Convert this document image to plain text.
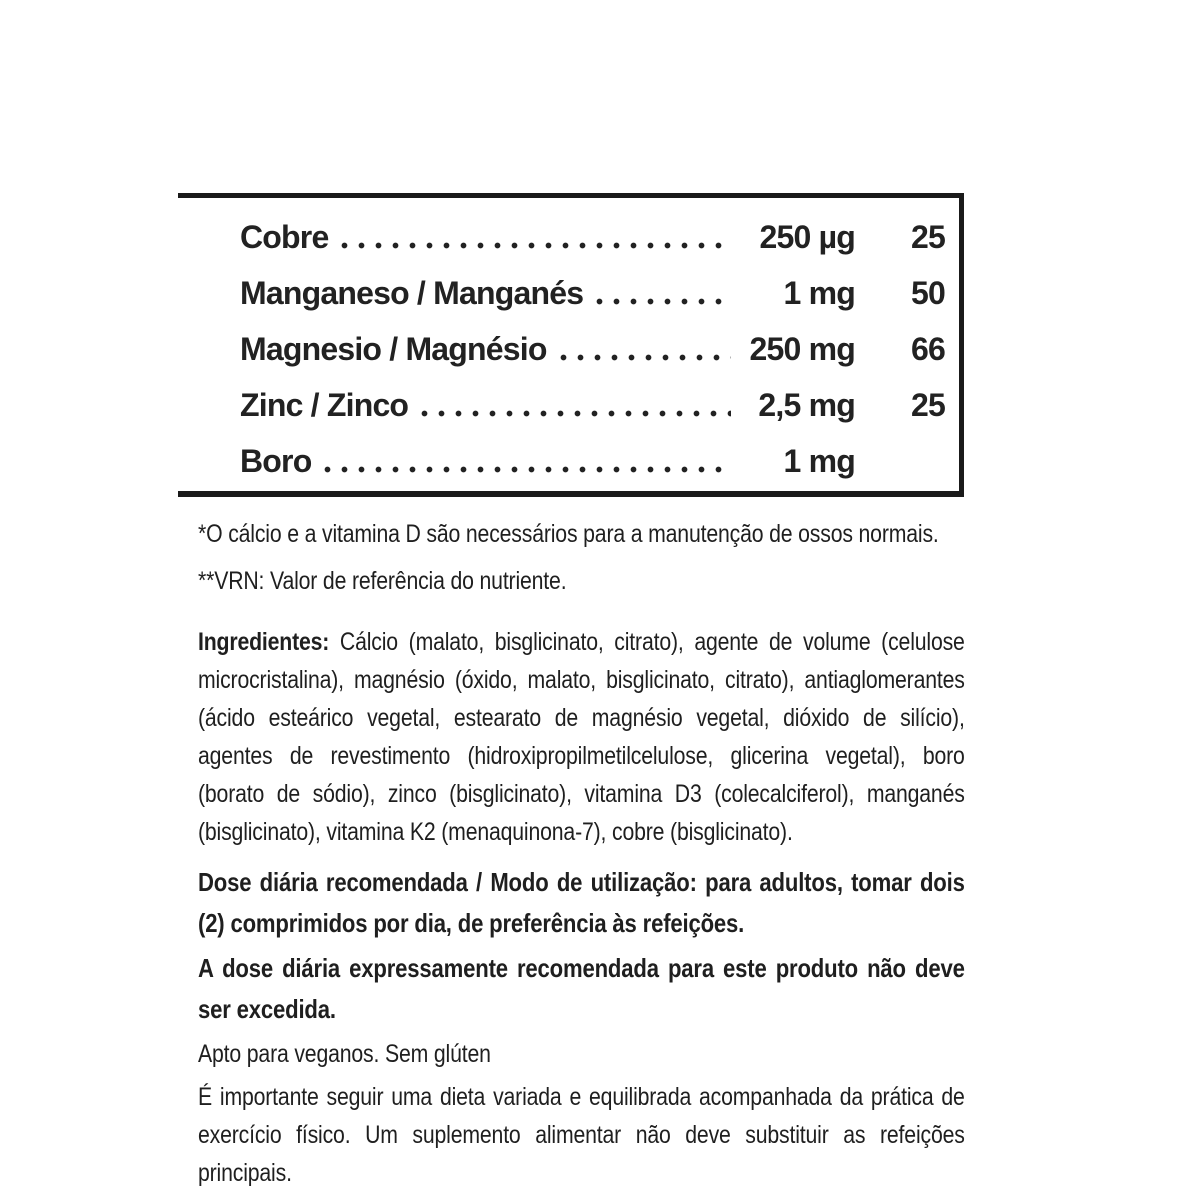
Cobre	250 µg	25
Manganeso / Manganés	1 mg	50
Magnesio / Magnésio	250 mg	66
Zinc / Zinco	2,5 mg	25
Boro	1 mg

*O cálcio e a vitamina D são necessários para a manutenção de ossos normais.

**VRN: Valor de referência do nutriente.

Ingredientes: Cálcio (malato, bisglicinato, citrato), agente de volume (celulose microcristalina), magnésio (óxido, malato, bisglicinato, citrato), antiaglomerantes (ácido esteárico vegetal, estearato de magnésio vegetal, dióxido de silício), agentes de revestimento (hidroxipropilmetilcelulose, glicerina vegetal), boro (borato de sódio), zinco (bisglicinato), vitamina D3 (colecalciferol), manganés (bisglicinato), vitamina K2 (menaquinona-7), cobre (bisglicinato).

Dose diária recomendada / Modo de utilização: para adultos, tomar dois (2) comprimidos por dia, de preferência às refeições.

A dose diária expressamente recomendada para este produto não deve ser excedida.

Apto para veganos. Sem glúten

É importante seguir uma dieta variada e equilibrada acompanhada da prática de exercício físico. Um suplemento alimentar não deve substituir as refeições principais.
